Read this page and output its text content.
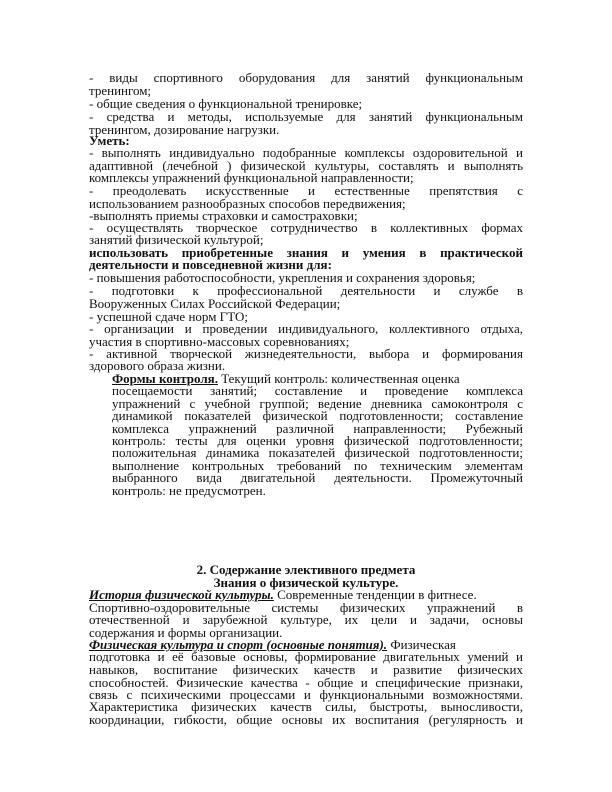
- виды спортивного оборудования для занятий функциональным
тренингом;
- общие сведения о функциональной тренировке;
- средства и методы, используемые для занятий функциональным
тренингом, дозирование нагрузки.
Уметь:
- выполнять индивидуально подобранные комплексы оздоровительной и
адаптивной (лечебной ) физической культуры, составлять и выполнять
комплексы упражнений функциональной направленности;
- преодолевать искусственные и естественные препятствия с
использованием разнообразных способов передвижения;
-выполнять приемы страховки и самостраховки;
- осуществлять творческое сотрудничество в коллективных формах
занятий физической культурой;
использовать приобретенные знания и умения в практической
деятельности и повседневной жизни для:
- повышения работоспособности, укрепления и сохранения здоровья;
- подготовки к профессиональной деятельности и службе в
Вооруженных Силах Российской Федерации;
- успешной сдаче норм ГТО;
- организации и проведении индивидуального, коллективного отдыха,
участия в спортивно-массовых соревнованиях;
- активной творческой жизнедеятельности, выбора и формирования
здорового образа жизни.
Формы контроля. Текущий контроль: количественная оценка
посещаемости занятий; составление и проведение комплекса
упражнений с учебной группой; ведение дневника самоконтроля с
динамикой показателей физической подготовленности; составление
комплекса упражнений различной направленности; Рубежный
контроль: тесты для оценки уровня физической подготовленности;
положительная динамика показателей физической подготовленности;
выполнение контрольных требований по техническим элементам
выбранного вида двигательной деятельности. Промежуточный
контроль: не предусмотрен.
2. Содержание элективного предмета
Знания о физической культуре.
История физической культуры. Современные тенденции в фитнесе.
Спортивно-оздоровительные системы физических упражнений в
отечественной и зарубежной культуре, их цели и задачи, основы
содержания и формы организации.
Физическая культура и спорт (основные понятия). Физическая
подготовка и её базовые основы, формирование двигательных умений и
навыков, воспитание физических качеств и развитие физических
способностей. Физические качества - общие и специфические признаки,
связь с психическими процессами и функциональными возможностями.
Характеристика физических качеств силы, быстроты, выносливости,
координации, гибкости, общие основы их воспитания (регулярность и
